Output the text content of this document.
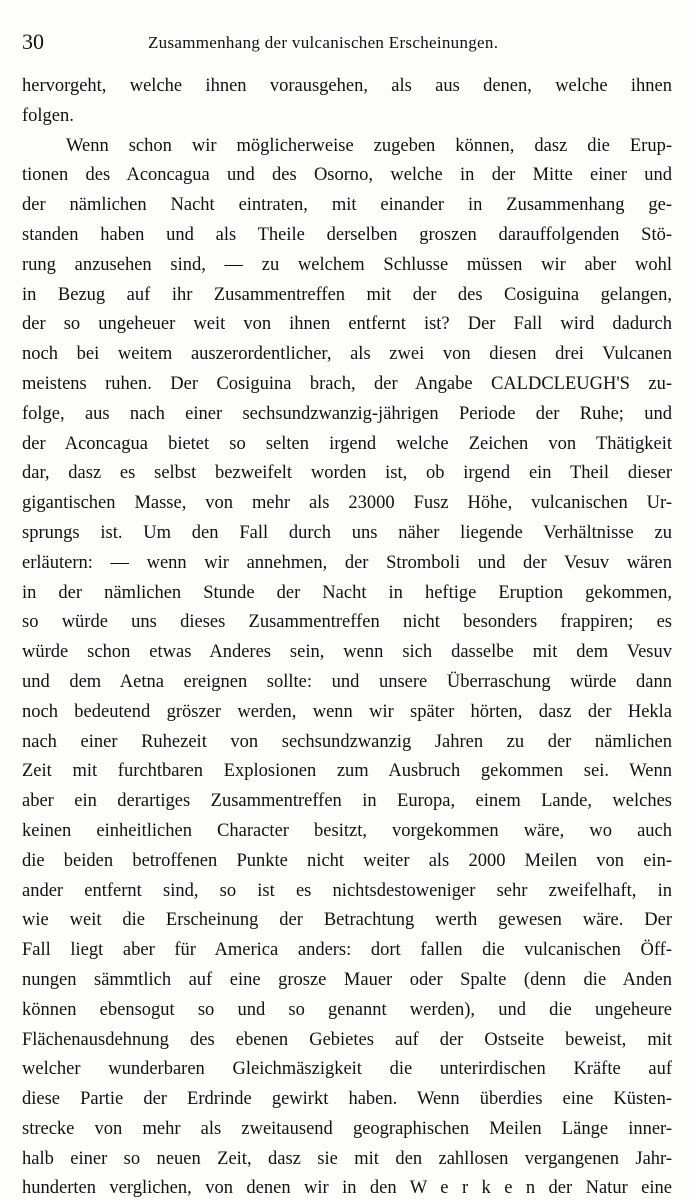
30	Zusammenhang der vulcanischen Erscheinungen.
hervorgeht, welche ihnen vorausgehen, als aus denen, welche ihnen
folgen.
Wenn schon wir möglicherweise zugeben können, dasz die Erup-
tionen des Aconcagua und des Osorno, welche in der Mitte einer und
der nämlichen Nacht eintraten, mit einander in Zusammenhang ge-
standen haben und als Theile derselben groszen darauffolgenden Stö-
rung anzusehen sind, — zu welchem Schlusse müssen wir aber wohl
in Bezug auf ihr Zusammentreffen mit der des Cosiguina gelangen,
der so ungeheuer weit von ihnen entfernt ist? Der Fall wird dadurch
noch bei weitem auszerordentlicher, als zwei von diesen drei Vulcanen
meistens ruhen. Der Cosiguina brach, der Angabe CALDCLEUGH'S zu-
folge, aus nach einer sechsundzwanzig-jährigen Periode der Ruhe; und
der Aconcagua bietet so selten irgend welche Zeichen von Thätigkeit
dar, dasz es selbst bezweifelt worden ist, ob irgend ein Theil dieser
gigantischen Masse, von mehr als 23000 Fusz Höhe, vulcanischen Ur-
sprungs ist. Um den Fall durch uns näher liegende Verhältnisse zu
erläutern: — wenn wir annehmen, der Stromboli und der Vesuv wären
in der nämlichen Stunde der Nacht in heftige Eruption gekommen,
so würde uns dieses Zusammentreffen nicht besonders frappiren; es
würde schon etwas Anderes sein, wenn sich dasselbe mit dem Vesuv
und dem Aetna ereignen sollte: und unsere Überraschung würde dann
noch bedeutend gröszer werden, wenn wir später hörten, dasz der Hekla
nach einer Ruhezeit von sechsundzwanzig Jahren zu der nämlichen
Zeit mit furchtbaren Explosionen zum Ausbruch gekommen sei. Wenn
aber ein derartiges Zusammentreffen in Europa, einem Lande, welches
keinen einheitlichen Character besitzt, vorgekommen wäre, wo auch
die beiden betroffenen Punkte nicht weiter als 2000 Meilen von ein-
ander entfernt sind, so ist es nichtsdestoweniger sehr zweifelhaft, in
wie weit die Erscheinung der Betrachtung werth gewesen wäre. Der
Fall liegt aber für America anders: dort fallen die vulcanischen Öff-
nungen sämmtlich auf eine grosze Mauer oder Spalte (denn die Anden
können ebensogut so und so genannt werden), und die ungeheure
Flächenausdehnung des ebenen Gebietes auf der Ostseite beweist, mit
welcher wunderbaren Gleichmäszigkeit die unterirdischen Kräfte auf
diese Partie der Erdrinde gewirkt haben. Wenn überdies eine Küsten-
strecke von mehr als zweitausend geographischen Meilen Länge inner-
halb einer so neuen Zeit, dasz sie mit den zahllosen vergangenen Jahr-
hunderten verglichen, von denen wir in den W e r k e n der Natur eine
